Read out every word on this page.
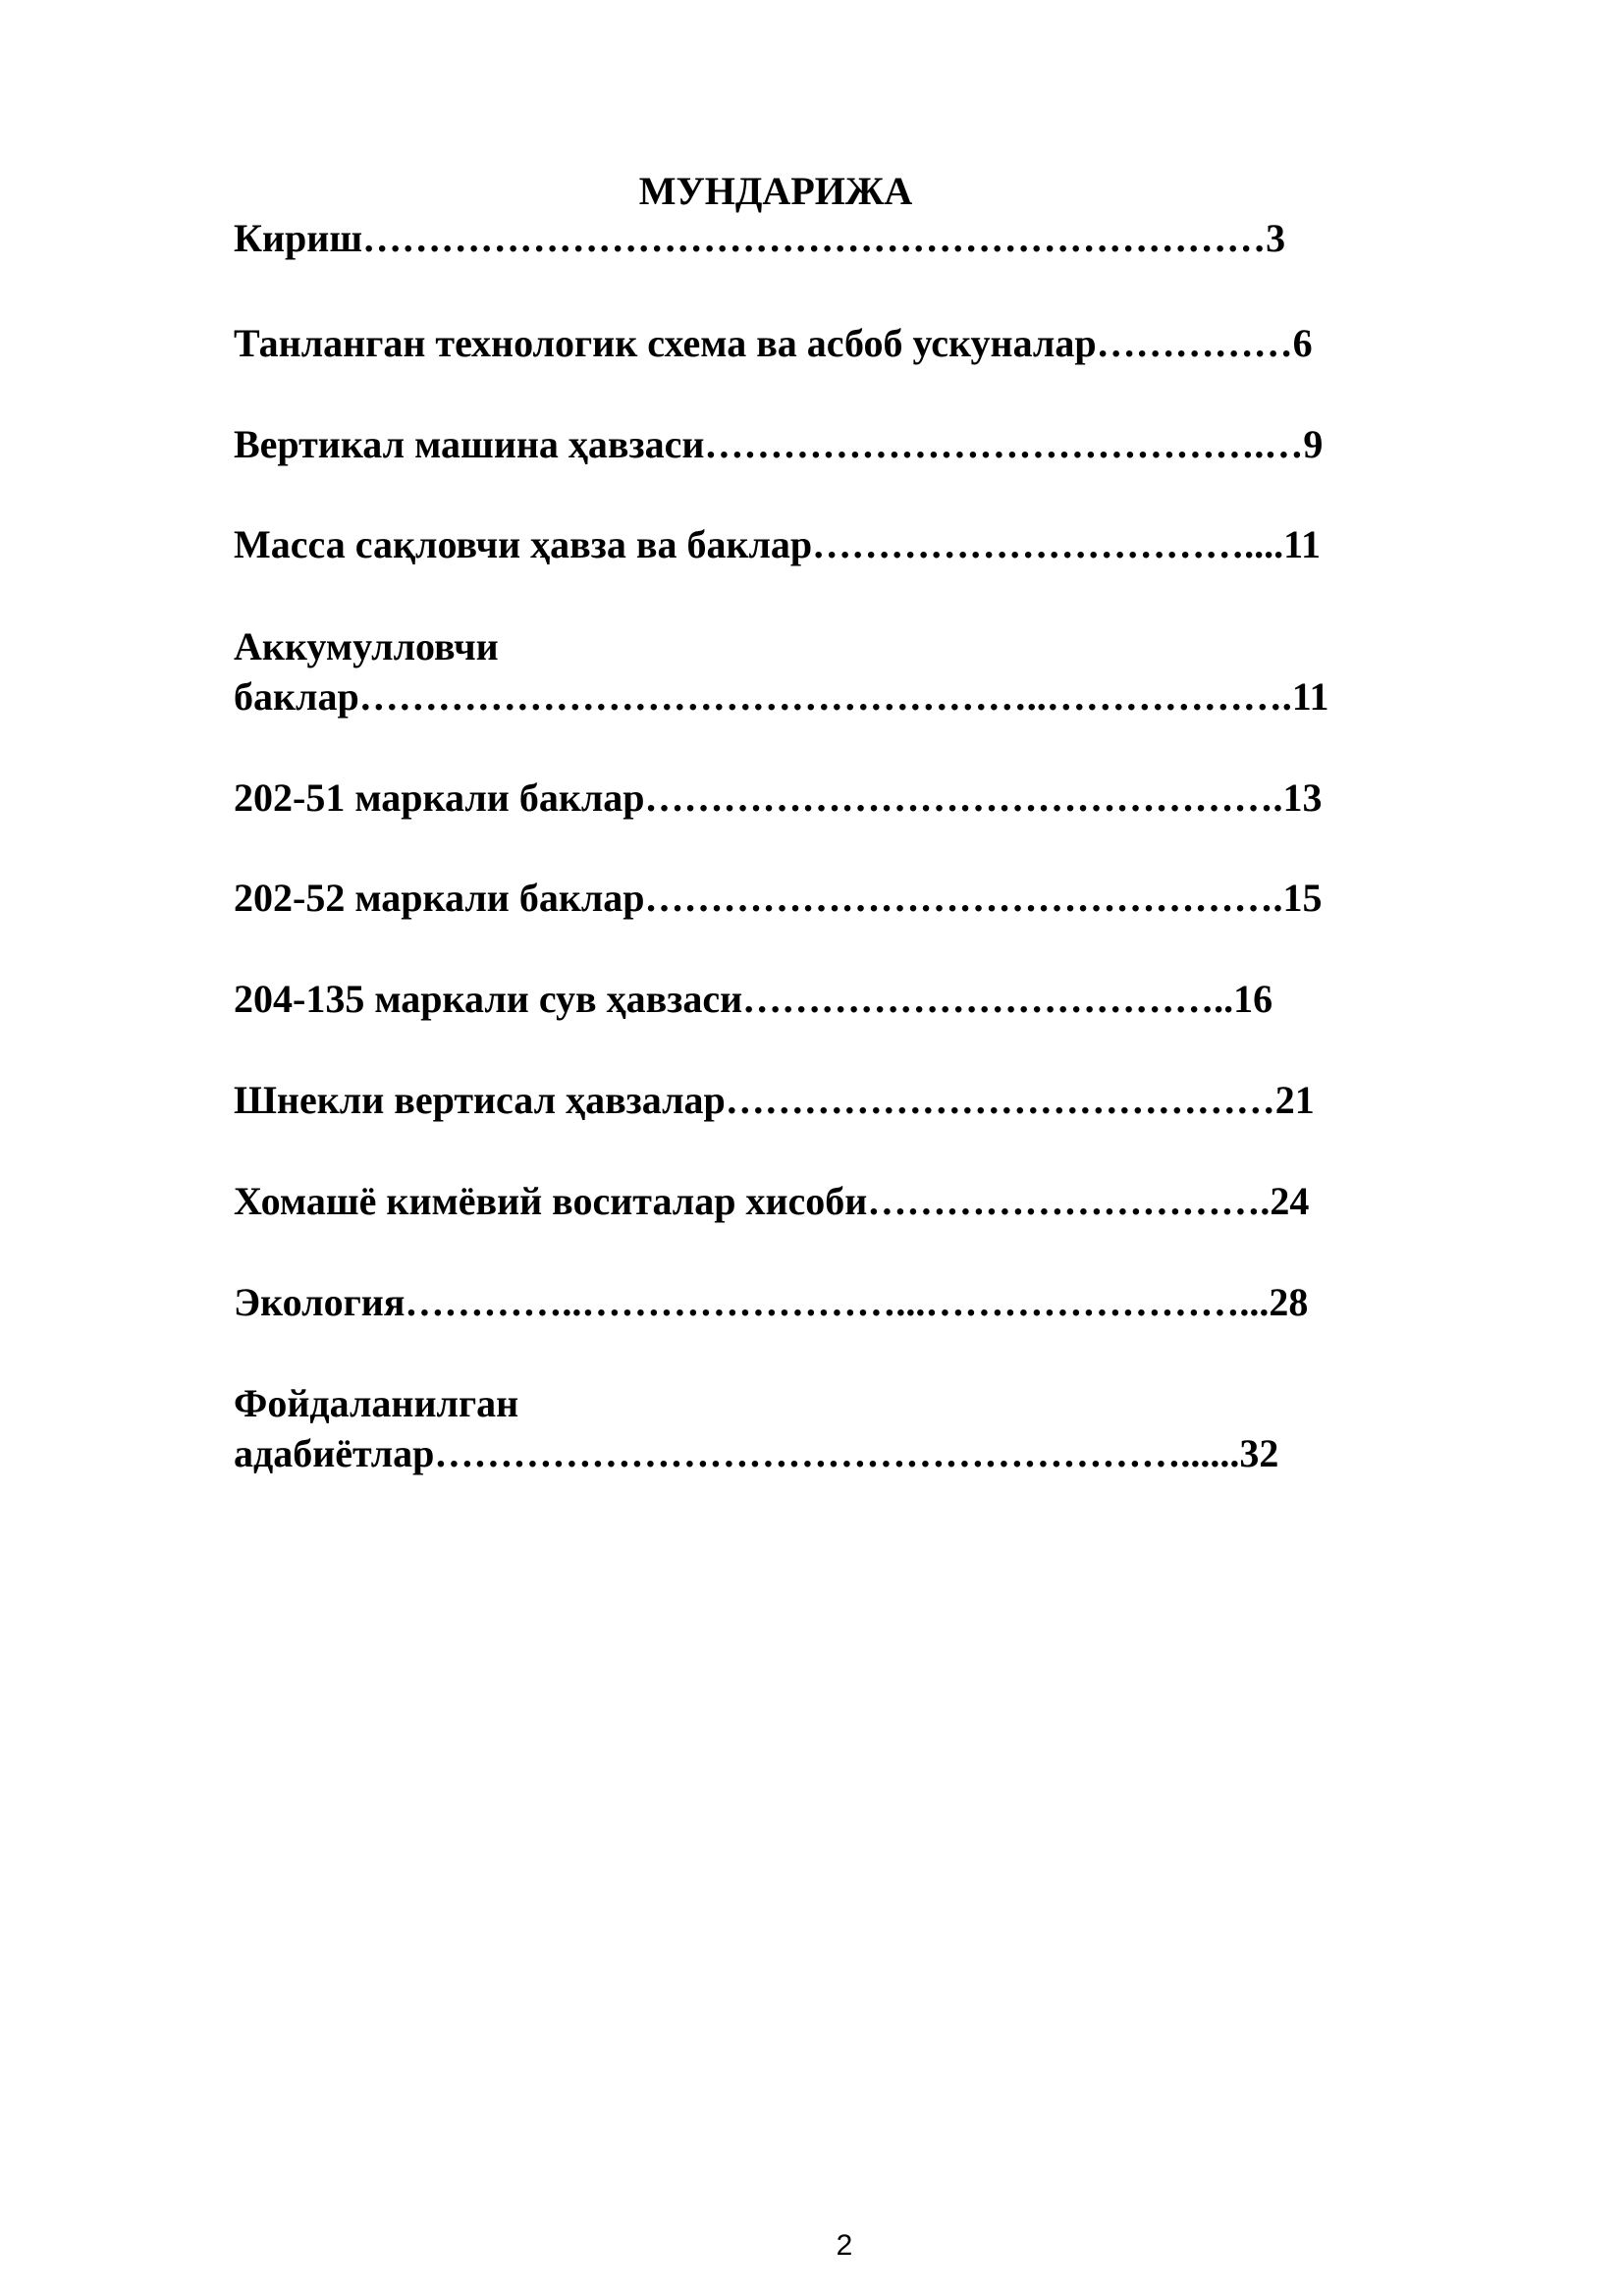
МУНДАРИЖА
Кириш……………………………………………………………3
Танланган технологик схема ва асбоб ускуналар……………6
Вертикал машина ҳавзаси…………………………………….…9
Масса сақловчи ҳавза ва баклар……………………………....11
Аккумулловчи
баклар……………………………………………..……………….11
202-51 маркали баклар………………………………………….13
202-52 маркали баклар………………………………………….15
204-135 маркали сув ҳавзаси………………………………..16
Шнекли вертисал ҳавзалар……………………………………21
Хомашё кимёвий воситалар хисоби………………………….24
Экология…………..……………………...……………………...28
Фойдаланилган
адабиётлар…………………………………………………......32
2
